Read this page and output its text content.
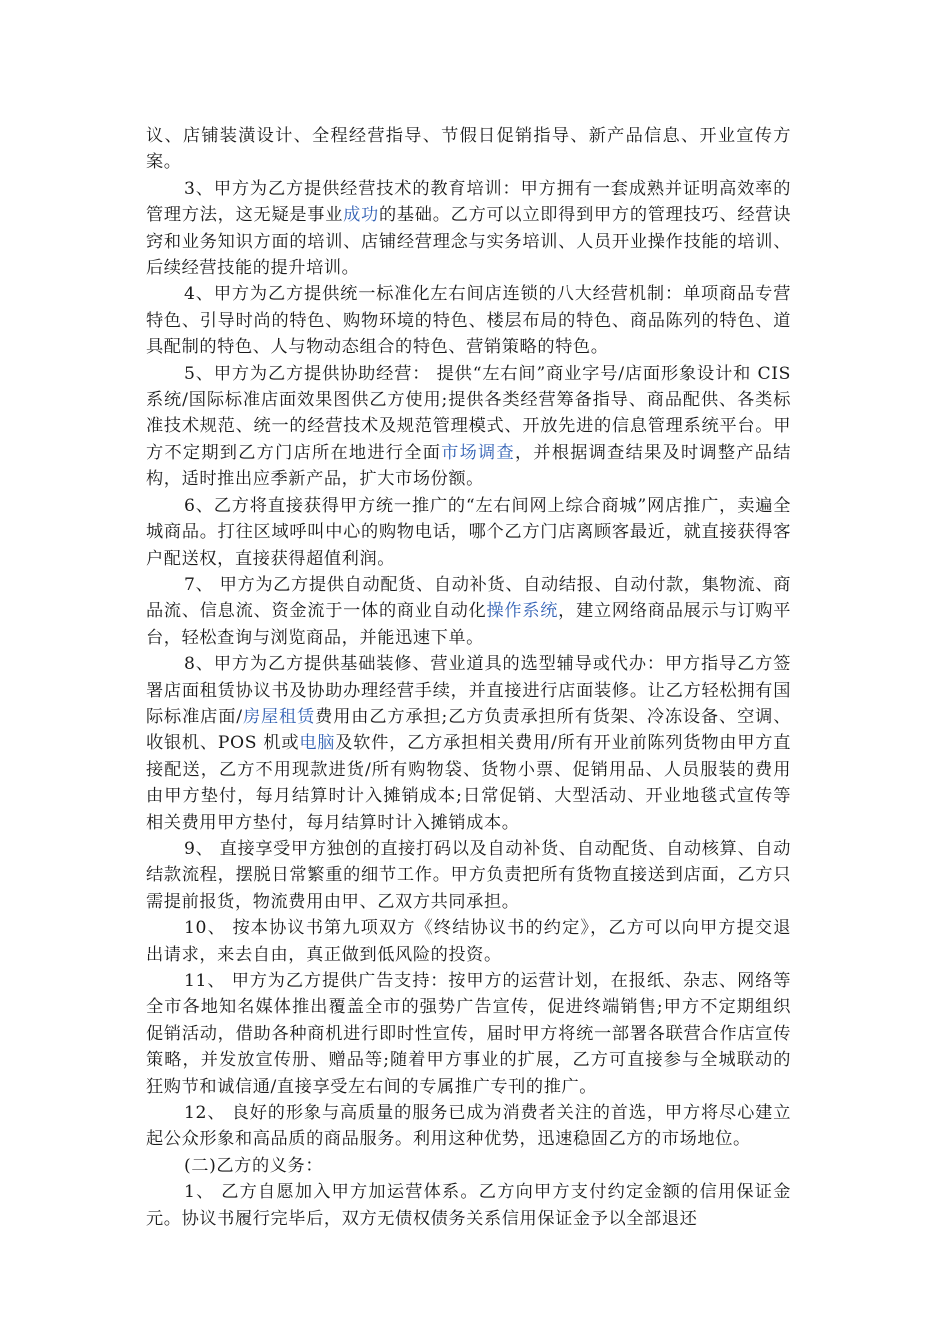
议、店铺装潢设计、全程经营指导、节假日促销指导、新产品信息、开业宣传方案。

3、甲方为乙方提供经营技术的教育培训：甲方拥有一套成熟并证明高效率的管理方法，这无疑是事业成功的基础。乙方可以立即得到甲方的管理技巧、经营诀窍和业务知识方面的培训、店铺经营理念与实务培训、人员开业操作技能的培训、后续经营技能的提升培训。

4、甲方为乙方提供统一标准化左右间店连锁的八大经营机制：单项商品专营特色、引导时尚的特色、购物环境的特色、楼层布局的特色、商品陈列的特色、道具配制的特色、人与物动态组合的特色、营销策略的特色。

5、甲方为乙方提供协助经营： 提供“左右间”商业字号/店面形象设计和 CIS 系统/国际标准店面效果图供乙方使用;提供各类经营筹备指导、商品配供、各类标准技术规范、统一的经营技术及规范管理模式、开放先进的信息管理系统平台。甲方不定期到乙方门店所在地进行全面市场调查，并根据调查结果及时调整产品结构，适时推出应季新产品，扩大市场份额。

6、乙方将直接获得甲方统一推广的“左右间网上综合商城”网店推广，卖遍全城商品。打往区域呼叫中心的购物电话，哪个乙方门店离顾客最近，就直接获得客户配送权，直接获得超值利润。

7、 甲方为乙方提供自动配货、自动补货、自动结报、自动付款，集物流、商品流、信息流、资金流于一体的商业自动化操作系统，建立网络商品展示与订购平台，轻松查询与浏览商品，并能迅速下单。

8、甲方为乙方提供基础装修、营业道具的选型辅导或代办：甲方指导乙方签署店面租赁协议书及协助办理经营手续，并直接进行店面装修。让乙方轻松拥有国际标准店面/房屋租赁费用由乙方承担;乙方负责承担所有货架、冷冻设备、空调、收银机、POS 机或电脑及软件，乙方承担相关费用/所有开业前陈列货物由甲方直接配送，乙方不用现款进货/所有购物袋、货物小票、促销用品、人员服装的费用由甲方垫付，每月结算时计入摊销成本;日常促销、大型活动、开业地毯式宣传等相关费用甲方垫付，每月结算时计入摊销成本。

9、 直接享受甲方独创的直接打码以及自动补货、自动配货、自动核算、自动结款流程，摆脱日常繁重的细节工作。甲方负责把所有货物直接送到店面，乙方只需提前报货，物流费用由甲、乙双方共同承担。

10、 按本协议书第九项双方《终结协议书的约定》，乙方可以向甲方提交退出请求，来去自由，真正做到低风险的投资。

11、 甲方为乙方提供广告支持：按甲方的运营计划，在报纸、杂志、网络等全市各地知名媒体推出覆盖全市的强势广告宣传，促进终端销售;甲方不定期组织促销活动，借助各种商机进行即时性宣传，届时甲方将统一部署各联营合作店宣传策略，并发放宣传册、赠品等;随着甲方事业的扩展，乙方可直接参与全城联动的狂购节和诚信通/直接享受左右间的专属推广专刊的推广。

12、 良好的形象与高质量的服务已成为消费者关注的首选，甲方将尽心建立起公众形象和高品质的商品服务。利用这种优势，迅速稳固乙方的市场地位。

(二)乙方的义务：

1、 乙方自愿加入甲方加运营体系。乙方向甲方支付约定金额的信用保证金元。协议书履行完毕后，双方无债权债务关系信用保证金予以全部退还
